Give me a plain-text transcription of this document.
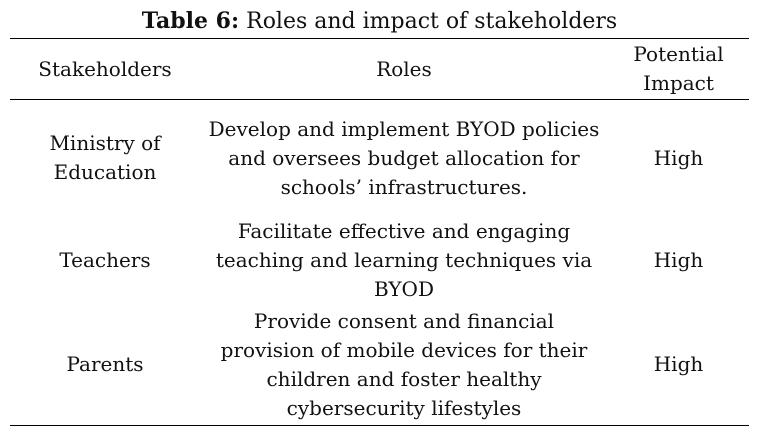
Table 6: Roles and impact of stakeholders
Stakeholders	Roles	Potential Impact
Ministry of Education	Develop and implement BYOD policies and oversees budget allocation for schools’ infrastructures.	High
Teachers	Facilitate effective and engaging teaching and learning techniques via BYOD	High
Parents	Provide consent and financial provision of mobile devices for their children and foster healthy cybersecurity lifestyles	High
